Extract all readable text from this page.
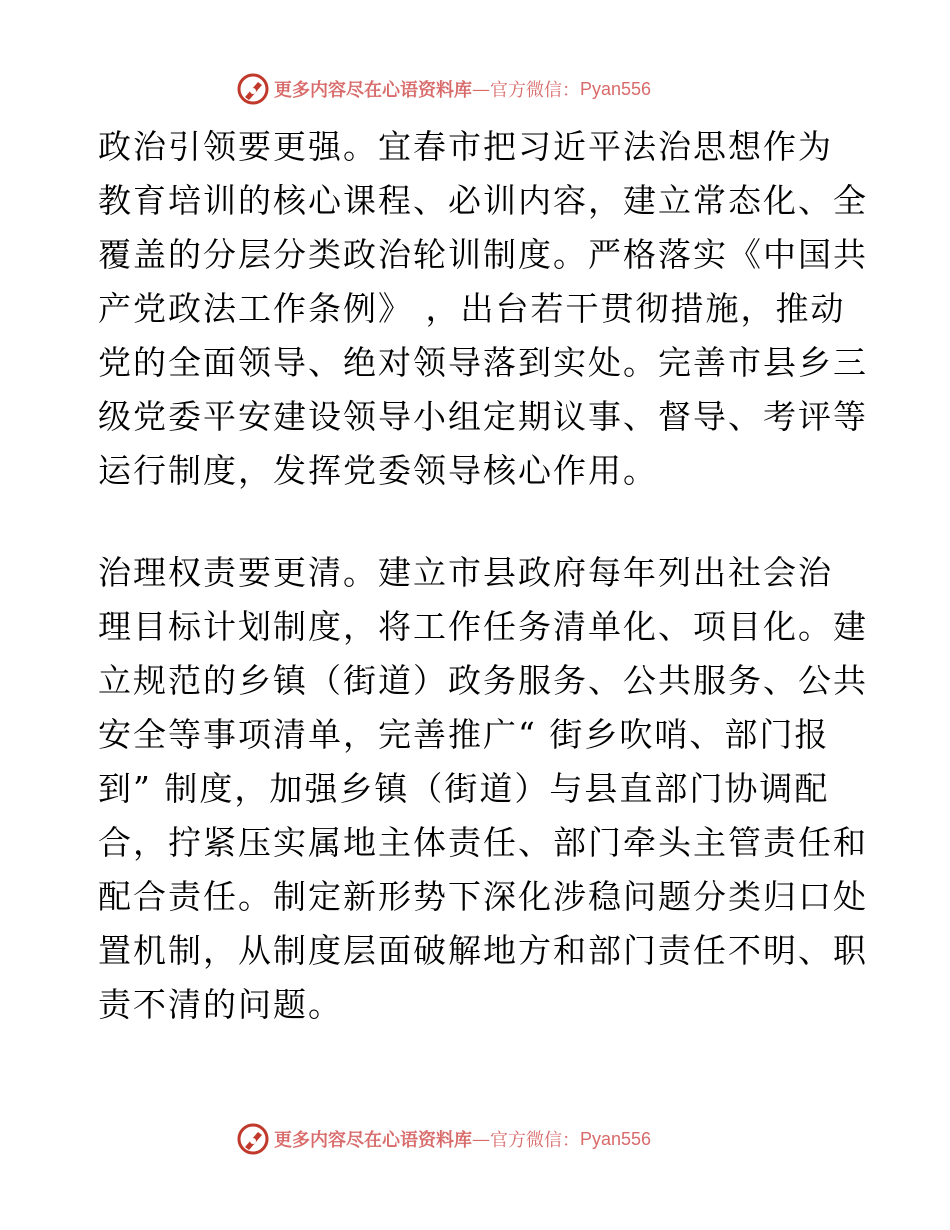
更多内容尽在心语资料库 — 官方微信： Pyan556
政治引领要更强。宜春市把习近平法治思想作为
教育培训的核心课程、必训内容，建立常态化、全
覆盖的分层分类政治轮训制度。严格落实《中国共
产党政法工作条例》 ，出台若干贯彻措施，推动
党的全面领导、绝对领导落到实处。完善市县乡三
级党委平安建设领导小组定期议事、督导、考评等
运行制度，发挥党委领导核心作用。
治理权责要更清。建立市县政府每年列出社会治
理目标计划制度，将工作任务清单化、项目化。建
立规范的乡镇（街道）政务服务、公共服务、公共
安全等事项清单，完善推广“ 街乡吹哨、部门报
到” 制度，加强乡镇（街道）与县直部门协调配
合，拧紧压实属地主体责任、部门牵头主管责任和
配合责任。制定新形势下深化涉稳问题分类归口处
置机制，从制度层面破解地方和部门责任不明、职
责不清的问题。
更多内容尽在心语资料库 — 官方微信： Pyan556
